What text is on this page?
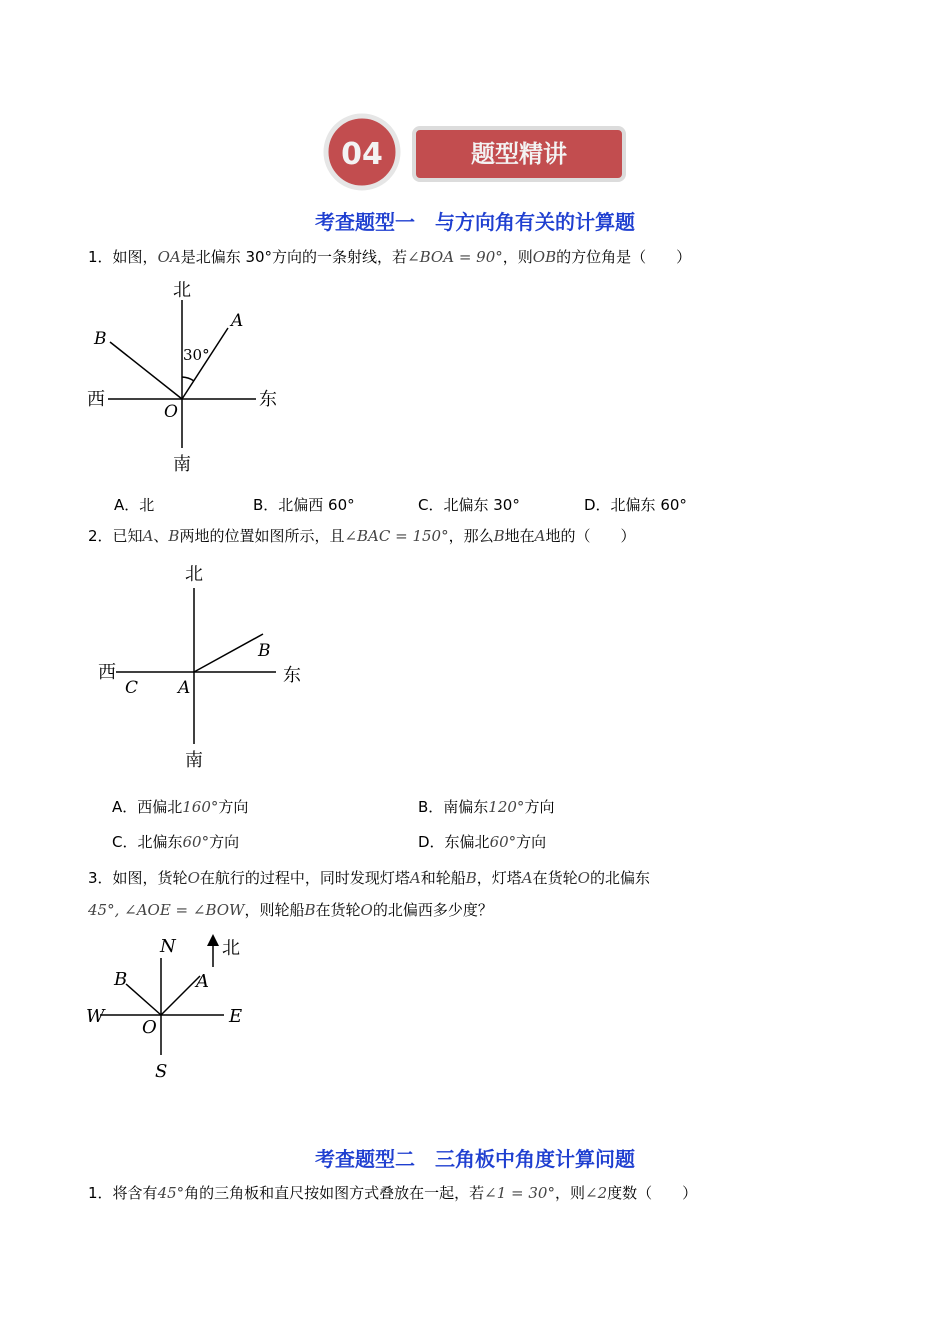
04	题型精讲
考查题型一　与方向角有关的计算题
1．如图，OA是北偏东 30°方向的一条射线，若∠BOA = 90°，则OB的方位角是（　　）
北
南
西	东
A
B
O
30°
A．北	B．北偏西 60°	C．北偏东 30°	D．北偏东 60°
2．已知A、B两地的位置如图所示，且∠BAC = 150°，那么B地在A地的（　　）
北
南
西	东
C A
B
A．西偏北160°方向	B．南偏东120°方向
C．北偏东60°方向	D．东偏北60°方向
3．如图，货轮O在航行的过程中，同时发现灯塔A和轮船B，灯塔A在货轮O的北偏东
45°, ∠AOE = ∠BOW，则轮船B在货轮O的北偏西多少度？
北
N
S
W	E
A
B
O
考查题型二　三角板中角度计算问题
1．将含有45°角的三角板和直尺按如图方式叠放在一起，若∠1 = 30°，则∠2度数（　　）
